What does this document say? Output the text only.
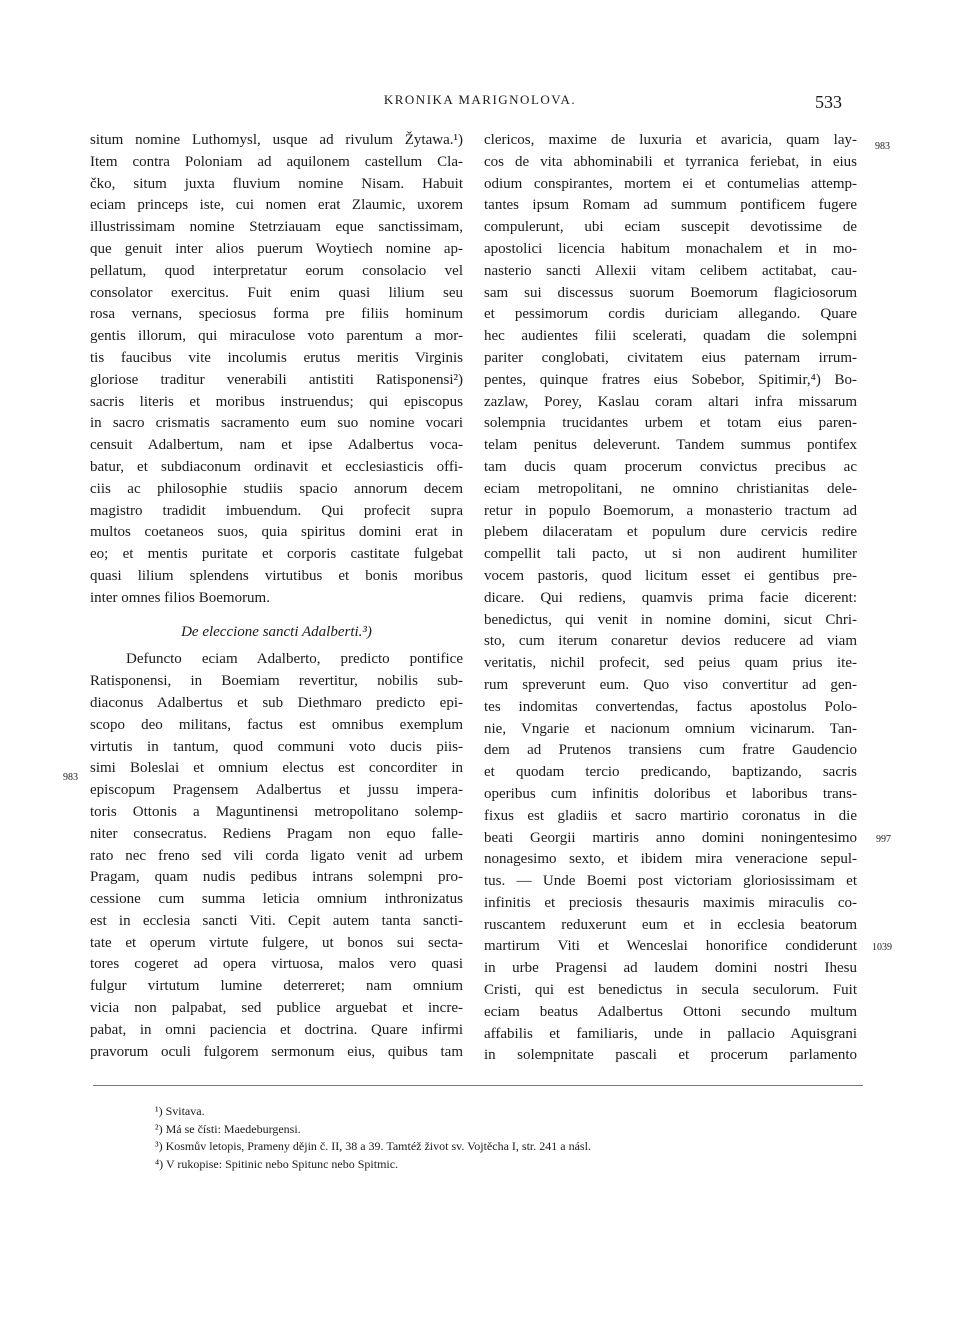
KRONIKA MARIGNOLOVA.	533
situm nomine Luthomysl, usque ad rivulum Žytawa.¹)
Item contra Poloniam ad aquilonem castellum Cla-
čko, situm juxta fluvium nomine Nisam. Habuit
eciam princeps iste, cui nomen erat Zlaumic, uxorem
illustrissimam nomine Stetrziauam eque sanctissimam,
que genuit inter alios puerum Woytiech nomine ap-
pellatum, quod interpretatur eorum consolacio vel
consolator exercitus. Fuit enim quasi lilium seu
rosa vernans, speciosus forma pre filiis hominum
gentis illorum, qui miraculose voto parentum a mor-
tis faucibus vite incolumis erutus meritis Virginis
gloriose traditur venerabili antistiti Ratisponensi²)
sacris literis et moribus instruendus; qui episcopus
in sacro crismatis sacramento eum suo nomine vocari
censuit Adalbertum, nam et ipse Adalbertus voca-
batur, et subdiaconum ordinavit et ecclesiasticis offi-
ciis ac philosophie studiis spacio annorum decem
magistro tradidit imbuendum. Qui profecit supra
multos coetaneos suos, quia spiritus domini erat in
eo; et mentis puritate et corporis castitate fulgebat
quasi lilium splendens virtutibus et bonis moribus
inter omnes filios Boemorum.
De eleccione sancti Adalberti.³)
Defuncto eciam Adalberto, predicto pontifice
Ratisponensi, in Boemiam revertitur, nobilis sub-
diaconus Adalbertus et sub Diethmaro predicto epi-
scopo deo militans, factus est omnibus exemplum
virtutis in tantum, quod communi voto ducis piis-
simi Boleslai et omnium electus est concorditer in
episcopum Pragensem Adalbertus et jussu impera-
toris Ottonis a Maguntinensi metropolitano solemp-
niter consecratus. Rediens Pragam non equo falle-
rato nec freno sed vili corda ligato venit ad urbem
Pragam, quam nudis pedibus intrans solempni pro-
cessione cum summa leticia omnium inthronizatus
est in ecclesia sancti Viti. Cepit autem tanta sancti-
tate et operum virtute fulgere, ut bonos sui secta-
tores cogeret ad opera virtuosa, malos vero quasi
fulgur virtutum lumine deterreret; nam omnium
vicia non palpabat, sed publice arguebat et incre-
pabat, in omni paciencia et doctrina. Quare infirmi
pravorum oculi fulgorem sermonum eius, quibus tam
clericos, maxime de luxuria et avaricia, quam lay-
cos de vita abhominabili et tyrranica feriebat, in eius
odium conspirantes, mortem ei et contumelias attemp-
tantes ipsum Romam ad summum pontificem fugere
compulerunt, ubi eciam suscepit devotissime de
apostolici licencia habitum monachalem et in mo-
nasterio sancti Allexii vitam celibem actitabat, cau-
sam sui discessus suorum Boemorum flagiciosorum
et pessimorum cordis duriciam allegando. Quare
hec audientes filii scelerati, quadam die solempni
pariter conglobati, civitatem eius paternam irrum-
pentes, quinque fratres eius Sobebor, Spitimir,⁴) Bo-
zazlaw, Porey, Kaslau coram altari infra missarum
solempnia trucidantes urbem et totam eius paren-
telam penitus deleverunt. Tandem summus pontifex
tam ducis quam procerum convictus precibus ac
eciam metropolitani, ne omnino christianitas dele-
retur in populo Boemorum, a monasterio tractum ad
plebem dilaceratam et populum dure cervicis redire
compellit tali pacto, ut si non audirent humiliter
vocem pastoris, quod licitum esset ei gentibus pre-
dicare. Qui rediens, quamvis prima facie dicerent:
benedictus, qui venit in nomine domini, sicut Chri-
sto, cum iterum conaretur devios reducere ad viam
veritatis, nichil profecit, sed peius quam prius ite-
rum spreverunt eum. Quo viso convertitur ad gen-
tes indomitas convertendas, factus apostolus Polo-
nie, Vngarie et nacionum omnium vicinarum. Tan-
dem ad Prutenos transiens cum fratre Gaudencio
et quodam tercio predicando, baptizando, sacris
operibus cum infinitis doloribus et laboribus trans-
fixus est gladiis et sacro martirio coronatus in die
beati Georgii martiris anno domini noningentesimo
nonagesimo sexto, et ibidem mira veneracione sepul-
tus. — Unde Boemi post victoriam gloriosissimam et
infinitis et preciosis thesauris maximis miraculis co-
ruscantem reduxerunt eum et in ecclesia beatorum
martirum Viti et Wenceslai honorifice condiderunt
in urbe Pragensi ad laudem domini nostri Ihesu
Cristi, qui est benedictus in secula seculorum. Fuit
eciam beatus Adalbertus Ottoni secundo multum
affabilis et familiaris, unde in pallacio Aquisgrani
in solempnitate pascali et procerum parlamento
983
983
997
1039
¹) Svitava.
²) Má se čísti: Maedeburgensi.
³) Kosmův letopis, Prameny dějin č. II, 38 a 39. Tamtéž život sv. Vojtěcha I, str. 241 a násl.
⁴) V rukopise: Spitinic nebo Spitunc nebo Spitmic.
